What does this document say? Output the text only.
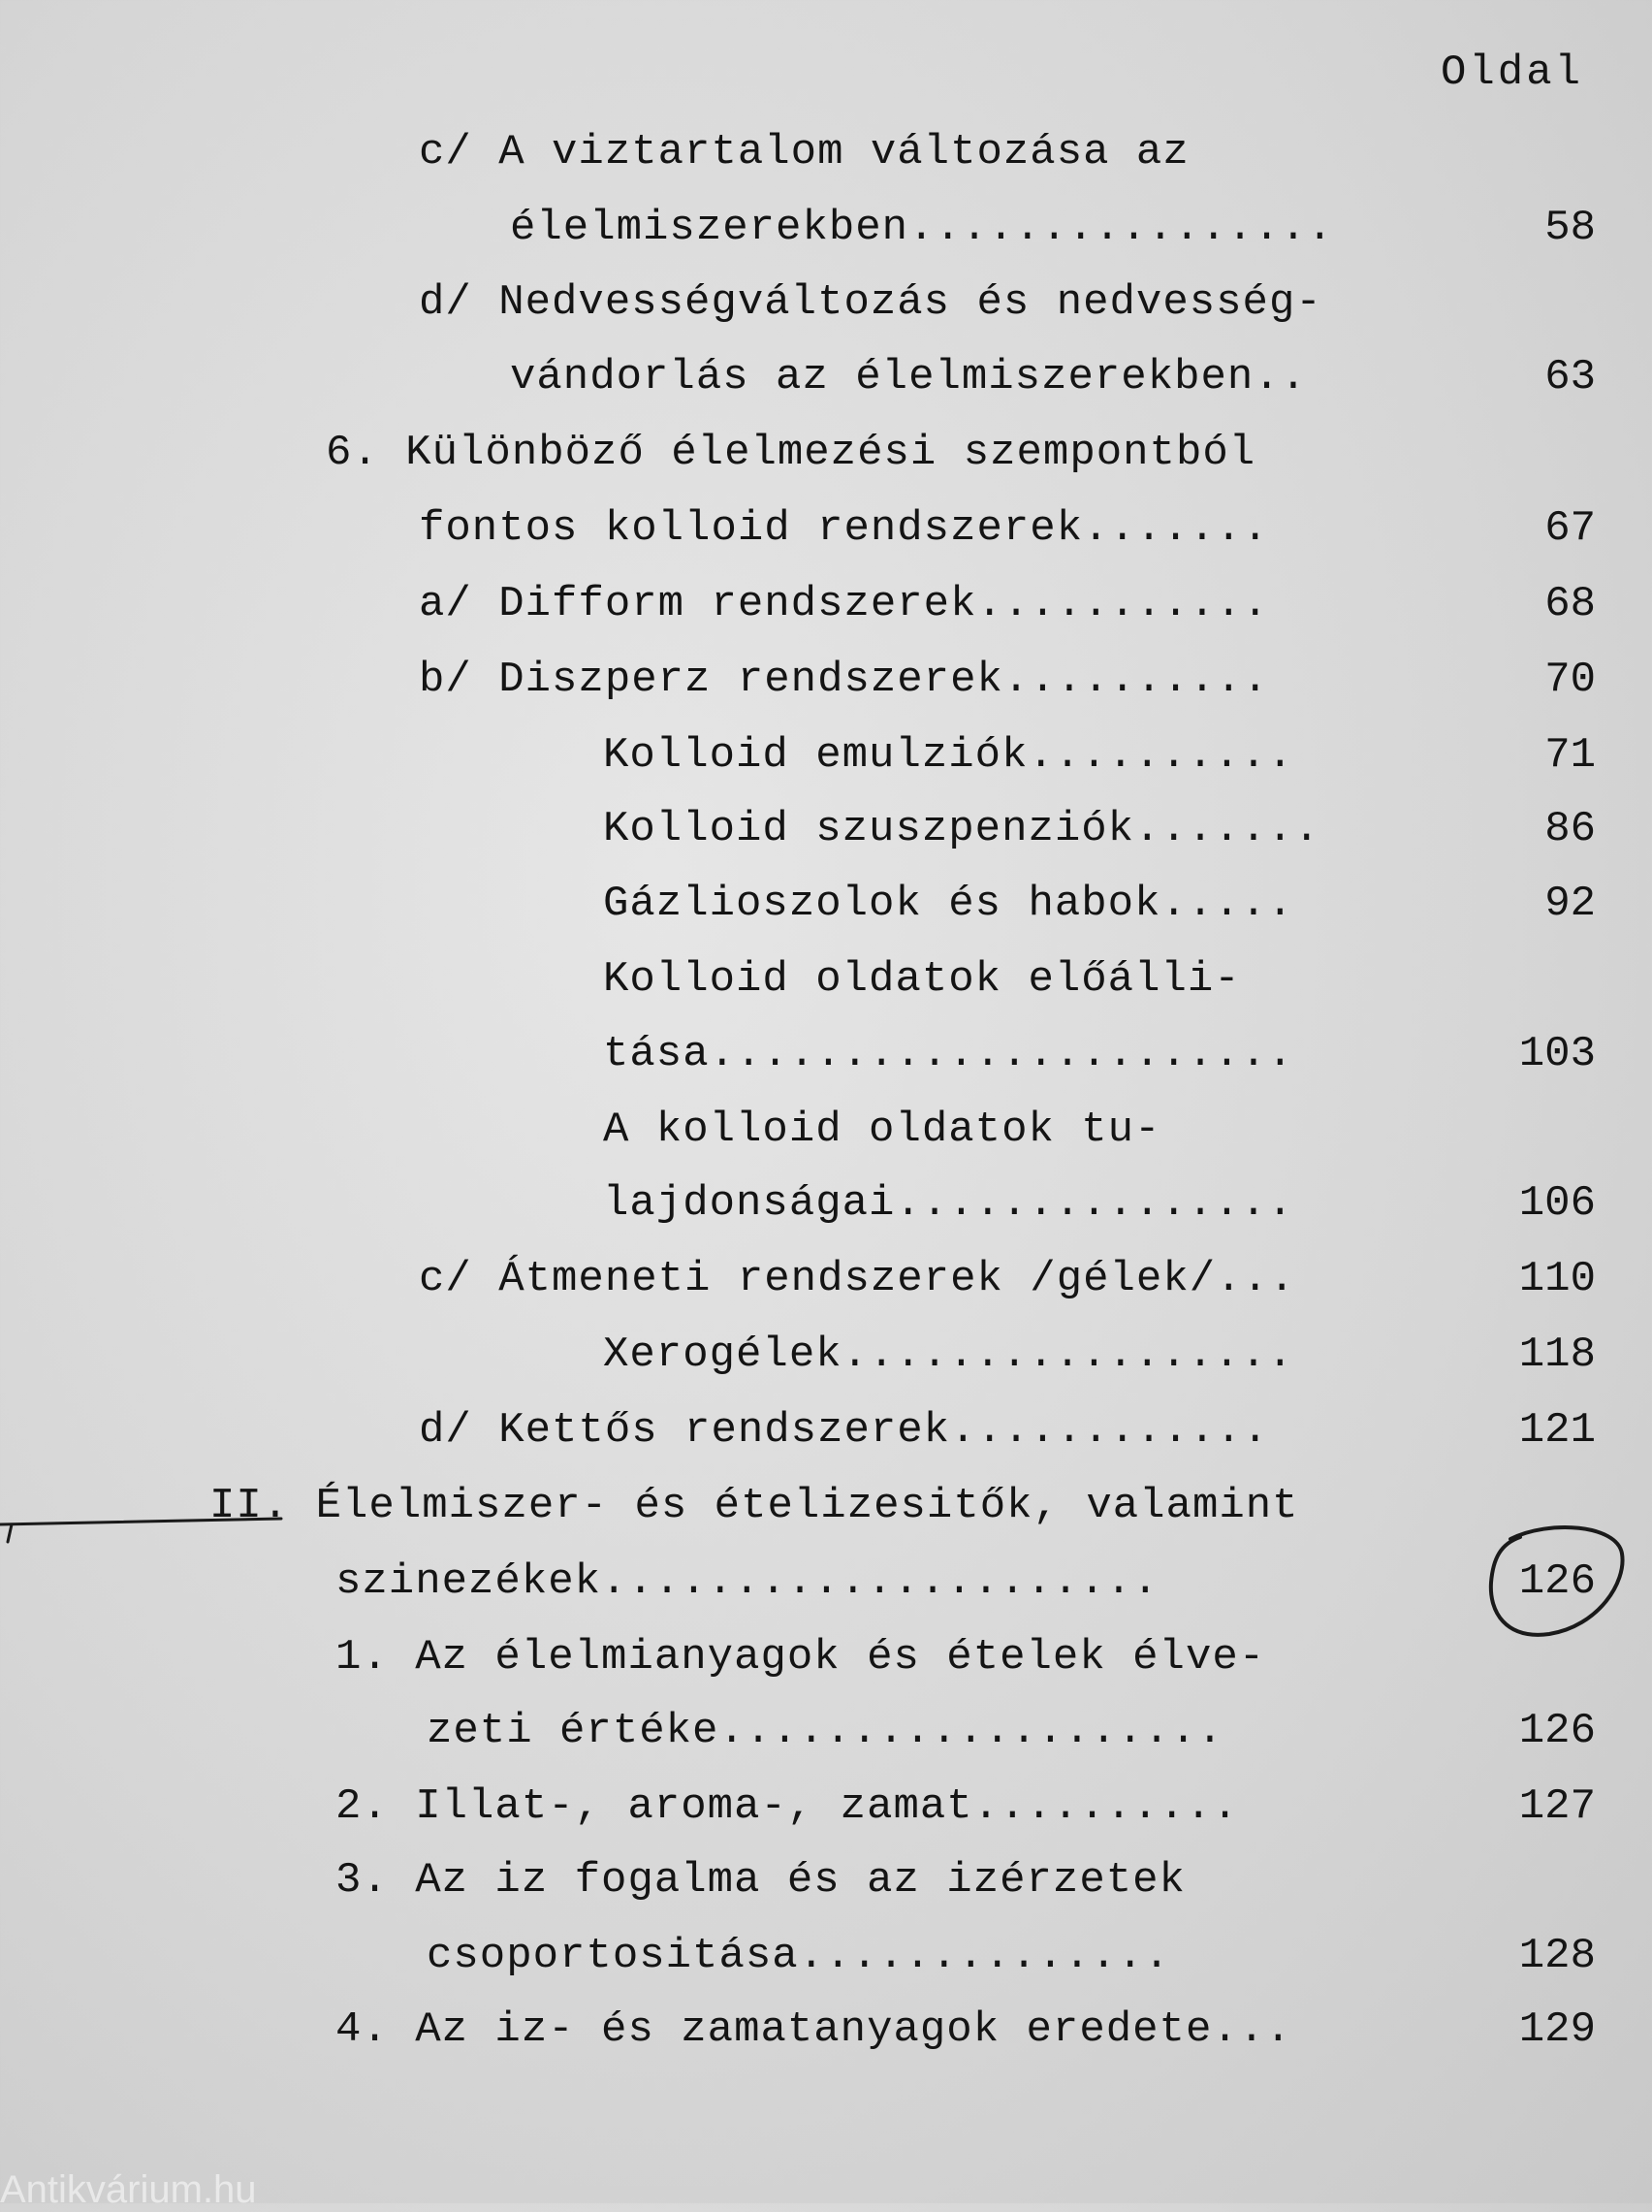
Oldal
c/ A viztartalom változása az
élelmiszerekben................	58
d/ Nedvességváltozás és nedvesség-
vándorlás az élelmiszerekben..	63
6. Különböző élelmezési szempontból
fontos kolloid rendszerek.......	67
a/ Difform rendszerek...........	68
b/ Diszperz rendszerek..........	70
Kolloid emulziók..........	71
Kolloid szuszpenziók.......	86
Gázlioszolok és habok.....	92
Kolloid oldatok előálli-
tása......................	103
A kolloid oldatok tu-
lajdonságai...............	106
c/ Átmeneti rendszerek /gélek/...	110
Xerogélek.................	118
d/ Kettős rendszerek............	121
II. Élelmiszer- és ételizesitők, valamint
szinezékek.....................	126
1. Az élelmianyagok és ételek élve-
zeti értéke...................	126
2. Illat-, aroma-, zamat..........	127
3. Az iz fogalma és az izérzetek
csoportositása..............	128
4. Az iz- és zamatanyagok eredete...	129
Antikvárium.hu
